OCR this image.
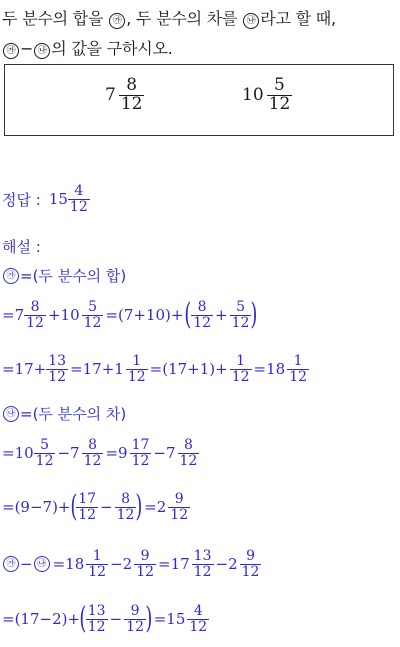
두 분수의 합을 ㉮ , 두 분수의 차를 ㉯ 라고 할 때,
㉮ − ㉯ 의 값을 구하시오.
$7 \frac{8}{12}$	$10 \frac{5}{12}$
정답 : $15 \frac{4}{12}$
해설 :
㉮ =(두 분수의 합)
$=7 \frac{8}{12} +10 \frac{5}{12} =(7+10)+$ ( $\frac{8}{12} + \frac{5}{12}$ )
$=17+ \frac{13}{12} =17+1 \frac{1}{12} =(17+1)+ \frac{1}{12} =18 \frac{1}{12}$
㉯ =(두 분수의 차)
$=10 \frac{5}{12} -7 \frac{8}{12} =9 \frac{17}{12} -7 \frac{8}{12}$
=(9−7)+ ( $\frac{17}{12} - \frac{8}{12}$ ) $=2 \frac{9}{12}$
㉮ − ㉯ $=18 \frac{1}{12} -2 \frac{9}{12} =17 \frac{13}{12} -2 \frac{9}{12}$
=(17−2)+ ( $\frac{13}{12} - \frac{9}{12}$ ) $=15 \frac{4}{12}$
